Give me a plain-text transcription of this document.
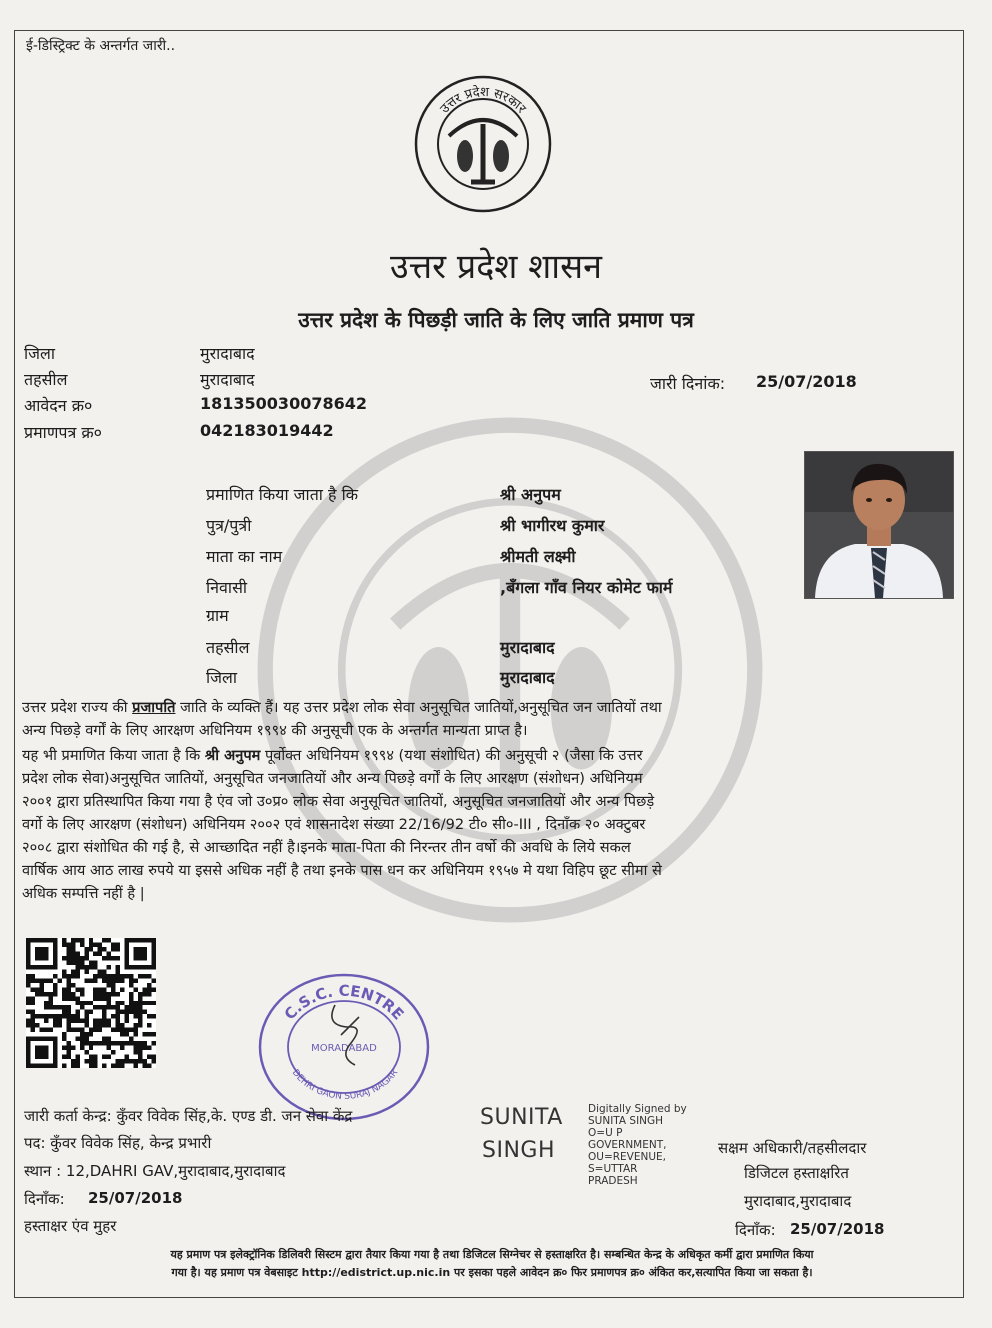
ई-डिस्ट्रिक्ट के अन्तर्गत जारी..
उत्तर प्रदेश सरकार
उत्तर प्रदेश शासन
उत्तर प्रदेश के पिछड़ी जाति के लिए जाति प्रमाण पत्र
जिला	मुरादाबाद
तहसील	मुरादाबाद	जारी दिनांक: 25/07/2018
आवेदन क्र०	181350030078642
प्रमाणपत्र क्र०	042183019442
प्रमाणित किया जाता है कि	श्री अनुपम
पुत्र/पुत्री	श्री भागीरथ कुमार
माता का नाम	श्रीमती लक्ष्मी
निवासी	,बँगला गाँव नियर कोमेट फार्म
ग्राम
तहसील	मुरादाबाद
जिला	मुरादाबाद
उत्तर प्रदेश राज्य की प्रजापति जाति के व्यक्ति हैं। यह उत्तर प्रदेश लोक सेवा अनुसूचित जातियों,अनुसूचित जन जातियों तथा
अन्य पिछड़े वर्गों के लिए आरक्षण अधिनियम १९९४ की अनुसूची एक के अन्तर्गत मान्यता प्राप्त है।
यह भी प्रमाणित किया जाता है कि श्री अनुपम पूर्वोक्त अधिनियम १९९४ (यथा संशोधित) की अनुसूची २ (जैसा कि उत्तर
प्रदेश लोक सेवा)अनुसूचित जातियों, अनुसूचित जनजातियों और अन्य पिछड़े वर्गों के लिए आरक्षण (संशोधन) अधिनियम
२००१ द्वारा प्रतिस्थापित किया गया है एंव जो उ०प्र० लोक सेवा अनुसूचित जातियों, अनुसूचित जनजातियों और अन्य पिछड़े
वर्गो के लिए आरक्षण (संशोधन) अधिनियम २००२ एवं शासनादेश संख्या 22/16/92 टी० सी०-III , दिनाँक २० अक्टुबर
२००८ द्वारा संशोधित की गई है, से आच्छादित नहीं है।इनके माता-पिता की निरन्तर तीन वर्षो की अवधि के लिये सकल
वार्षिक आय आठ लाख रुपये या इससे अधिक नहीं है तथा इनके पास धन कर अधिनियम १९५७ मे यथा विहिप छूट सीमा से
अधिक सम्पत्ति नहीं है |
C.S.C. CENTRE
MORADABAD
DEHRI GAON SURAJ NAGAR
जारी कर्ता केन्द्र: कुँवर विवेक सिंह,के. एण्ड डी. जन सेवा केंद्र
पद: कुँवर विवेक सिंह, केन्द्र प्रभारी
स्थान : 12,DAHRI GAV,मुरादाबाद,मुरादाबाद
दिनाँक: 25/07/2018
हस्ताक्षर एंव मुहर
SUNITA
SINGH
Digitally Signed by
SUNITA SINGH
O=U P
GOVERNMENT,
OU=REVENUE,
S=UTTAR
PRADESH
सक्षम अधिकारी/तहसीलदार
डिजिटल हस्ताक्षरित
मुरादाबाद,मुरादाबाद
दिनाँक: 25/07/2018
यह प्रमाण पत्र इलेक्ट्रॉनिक डिलिवरी सिस्टम द्वारा तैयार किया गया है तथा डिजिटल सिग्नेचर से हस्ताक्षरित है। सम्बन्धित केन्द्र के अधिकृत कर्मी द्वारा प्रमाणित किया
गया है। यह प्रमाण पत्र वेबसाइट http://edistrict.up.nic.in पर इसका पहले आवेदन क्र० फिर प्रमाणपत्र क्र० अंकित कर,सत्यापित किया जा सकता है।
